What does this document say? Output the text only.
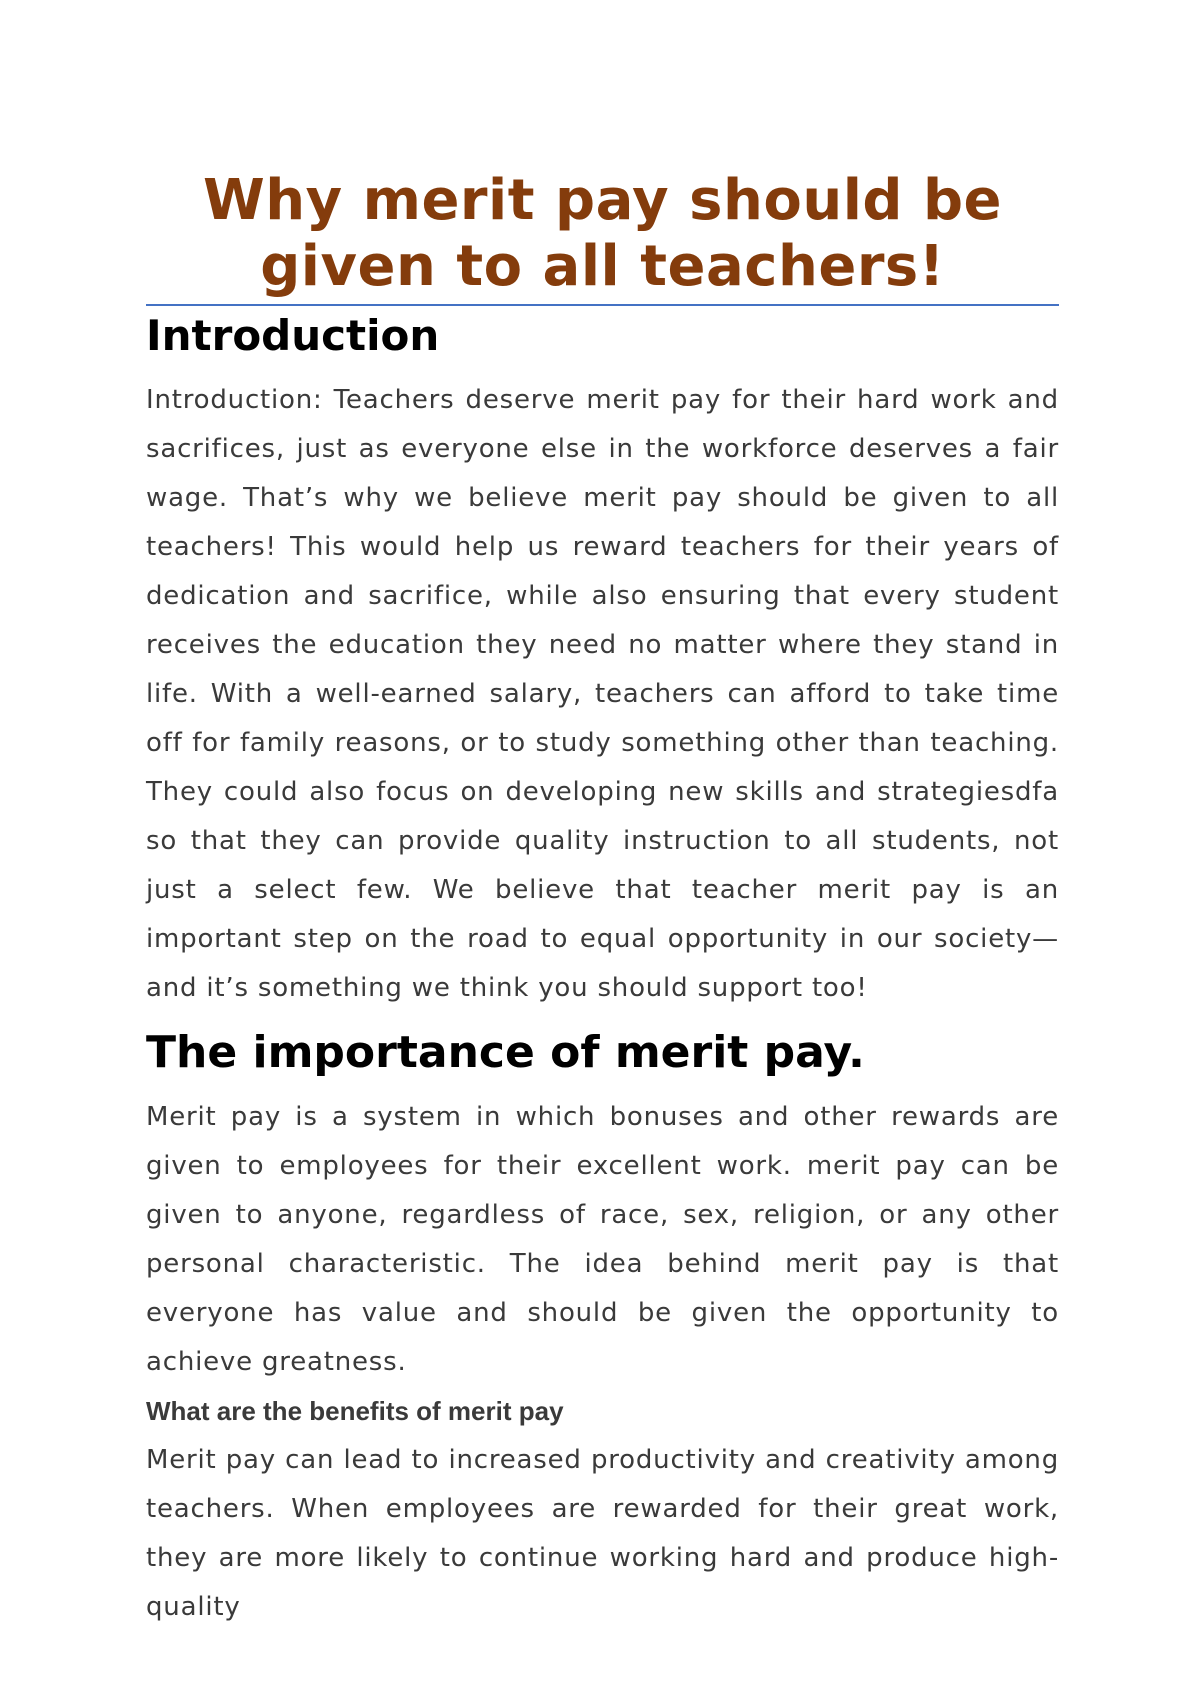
Why merit pay should be given to all teachers!
Introduction

Introduction: Teachers deserve merit pay for their hard work and sacrifices, just as everyone else in the workforce deserves a fair wage. That’s why we believe merit pay should be given to all teachers! This would help us reward teachers for their years of dedication and sacrifice, while also ensuring that every student receives the education they need no matter where they stand in life. With a well-earned salary, teachers can afford to take time off for family reasons, or to study something other than teaching. They could also focus on developing new skills and strategiesdfa so that they can provide quality instruction to all students, not just a select few. We believe that teacher merit pay is an important step on the road to equal opportunity in our society—and it’s something we think you should support too!

The importance of merit pay.

Merit pay is a system in which bonuses and other rewards are given to employees for their excellent work. merit pay can be given to anyone, regardless of race, sex, religion, or any other personal characteristic. The idea behind merit pay is that everyone has value and should be given the opportunity to achieve greatness.

What are the benefits of merit pay

Merit pay can lead to increased productivity and creativity among teachers. When employees are rewarded for their great work, they are more likely to continue working hard and produce high-quality
